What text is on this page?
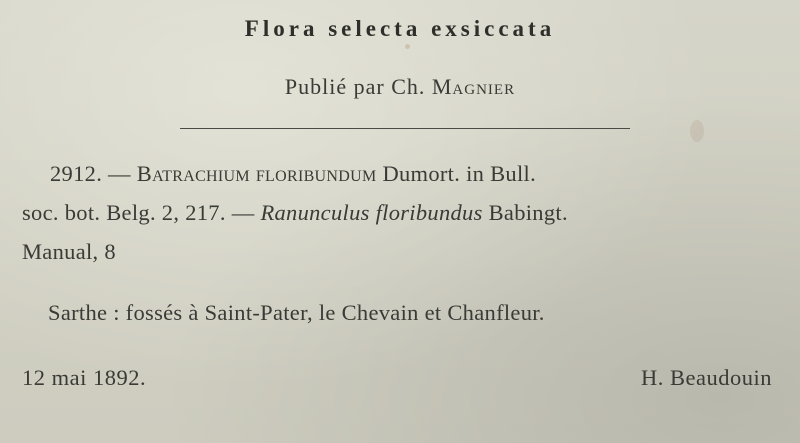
Flora selecta exsiccata
Publié par Ch. Magnier
2912. — Batrachium floribundum Dumort. in Bull.
soc. bot. Belg. 2, 217. — Ranunculus floribundus Babingt.
Manual, 8
Sarthe : fossés à Saint-Pater, le Chevain et Chanfleur.
12 mai 1892.	H. Beaudouin
